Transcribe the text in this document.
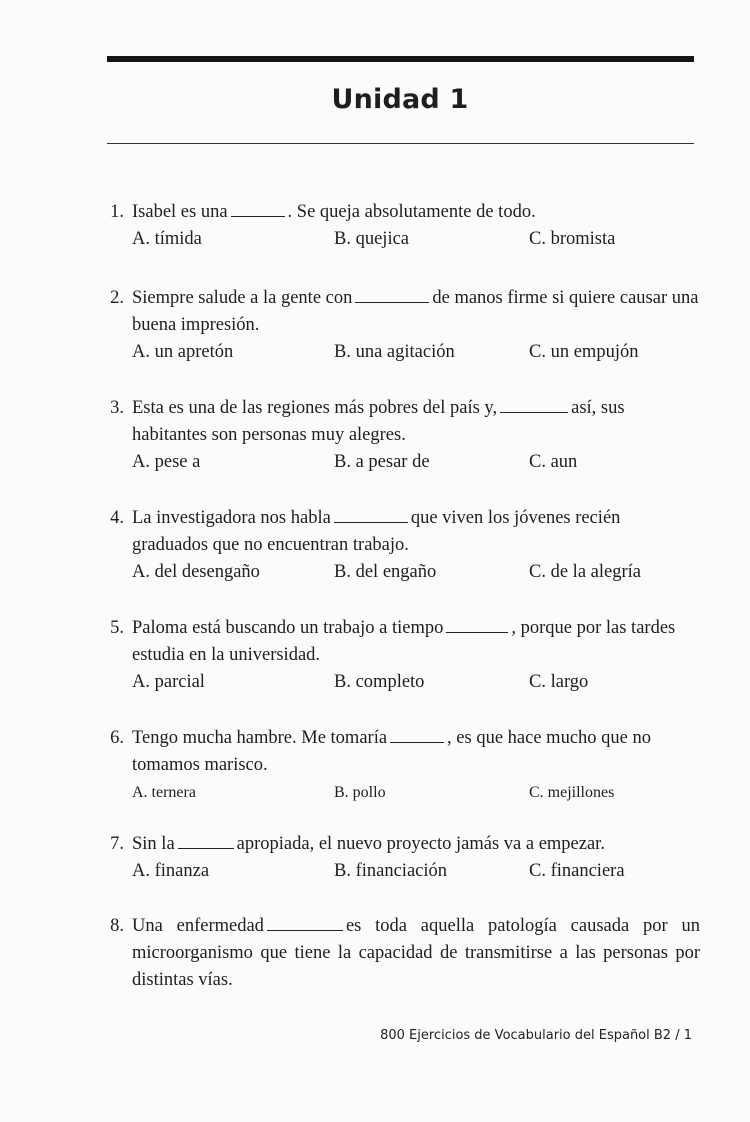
Unidad 1
1. Isabel es una	. Se queja absolutamente de todo.
A. tímida	B. quejica	C. bromista
2. Siempre salude a la gente con	de manos firme si quiere causar una buena impresión.
A. un apretón	B. una agitación	C. un empujón
3. Esta es una de las regiones más pobres del país y,	así, sus habitantes son personas muy alegres.
A. pese a	B. a pesar de	C. aun
4. La investigadora nos habla	que viven los jóvenes recién graduados que no encuentran trabajo.
A. del desengaño	B. del engaño	C. de la alegría
5. Paloma está buscando un trabajo a tiempo	, porque por las tardes estudia en la universidad.
A. parcial	B. completo	C. largo
6. Tengo mucha hambre. Me tomaría	, es que hace mucho que no tomamos marisco.
A. ternera	B. pollo	C. mejillones
7. Sin la	apropiada, el nuevo proyecto jamás va a empezar.
A. finanza	B. financiación	C. financiera
8. Una enfermedad	es toda aquella patología causada por un microorganismo que tiene la capacidad de transmitirse a las personas por distintas vías.
800 Ejercicios de Vocabulario del Español B2 / 1
